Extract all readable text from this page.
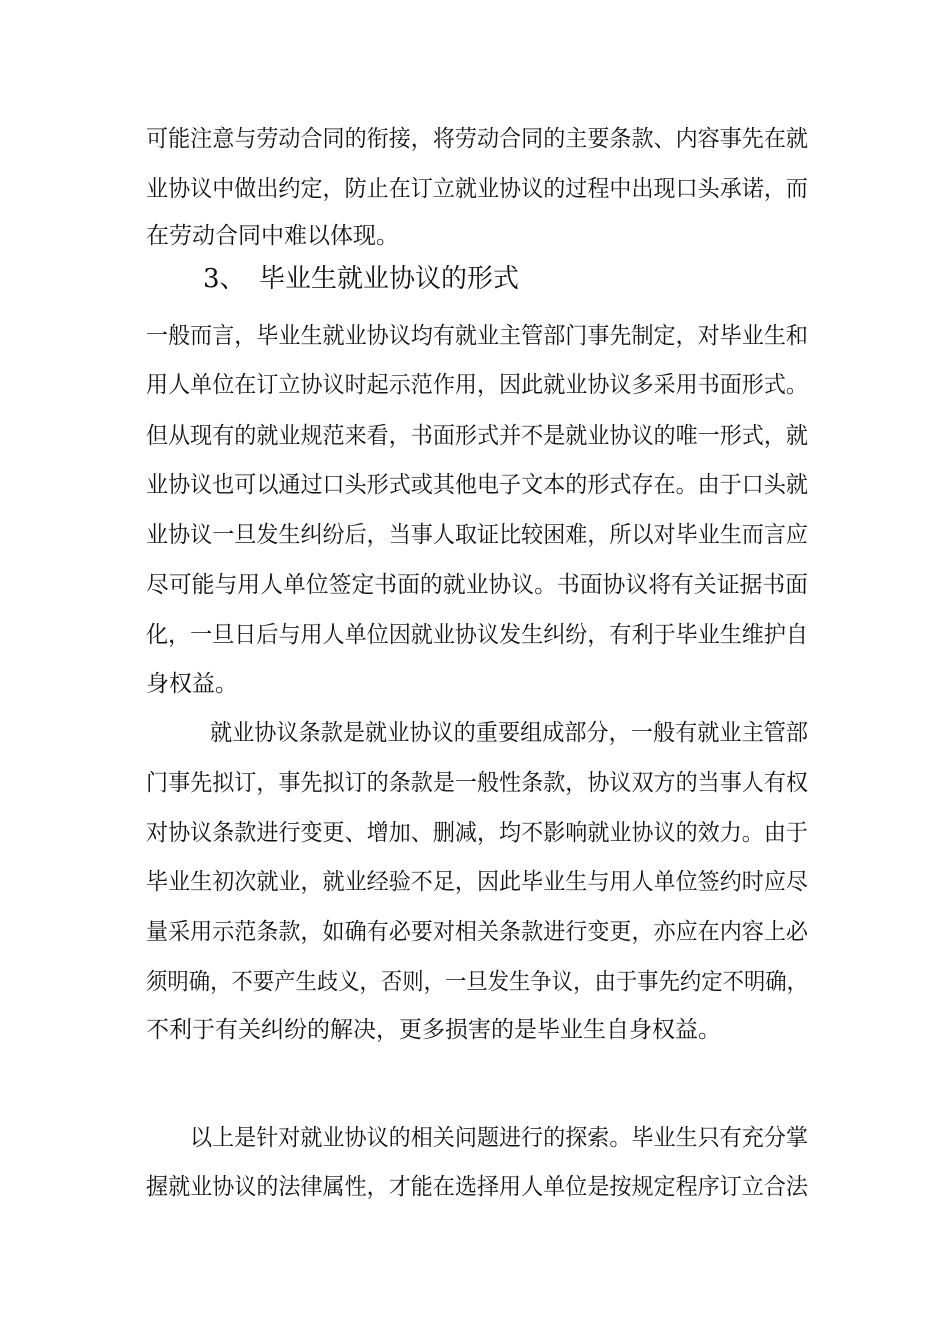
可能注意与劳动合同的衔接，将劳动合同的主要条款、内容事先在就
业协议中做出约定，防止在订立就业协议的过程中出现口头承诺，而
在劳动合同中难以体现。
3、 毕业生就业协议的形式
一般而言，毕业生就业协议均有就业主管部门事先制定，对毕业生和
用人单位在订立协议时起示范作用，因此就业协议多采用书面形式。
但从现有的就业规范来看，书面形式并不是就业协议的唯一形式，就
业协议也可以通过口头形式或其他电子文本的形式存在。由于口头就
业协议一旦发生纠纷后，当事人取证比较困难，所以对毕业生而言应
尽可能与用人单位签定书面的就业协议。书面协议将有关证据书面
化，一旦日后与用人单位因就业协议发生纠纷，有利于毕业生维护自
身权益。
就业协议条款是就业协议的重要组成部分，一般有就业主管部
门事先拟订，事先拟订的条款是一般性条款，协议双方的当事人有权
对协议条款进行变更、增加、删减，均不影响就业协议的效力。由于
毕业生初次就业，就业经验不足，因此毕业生与用人单位签约时应尽
量采用示范条款，如确有必要对相关条款进行变更，亦应在内容上必
须明确，不要产生歧义，否则，一旦发生争议，由于事先约定不明确，
不利于有关纠纷的解决，更多损害的是毕业生自身权益。
以上是针对就业协议的相关问题进行的探索。毕业生只有充分掌
握就业协议的法律属性，才能在选择用人单位是按规定程序订立合法
